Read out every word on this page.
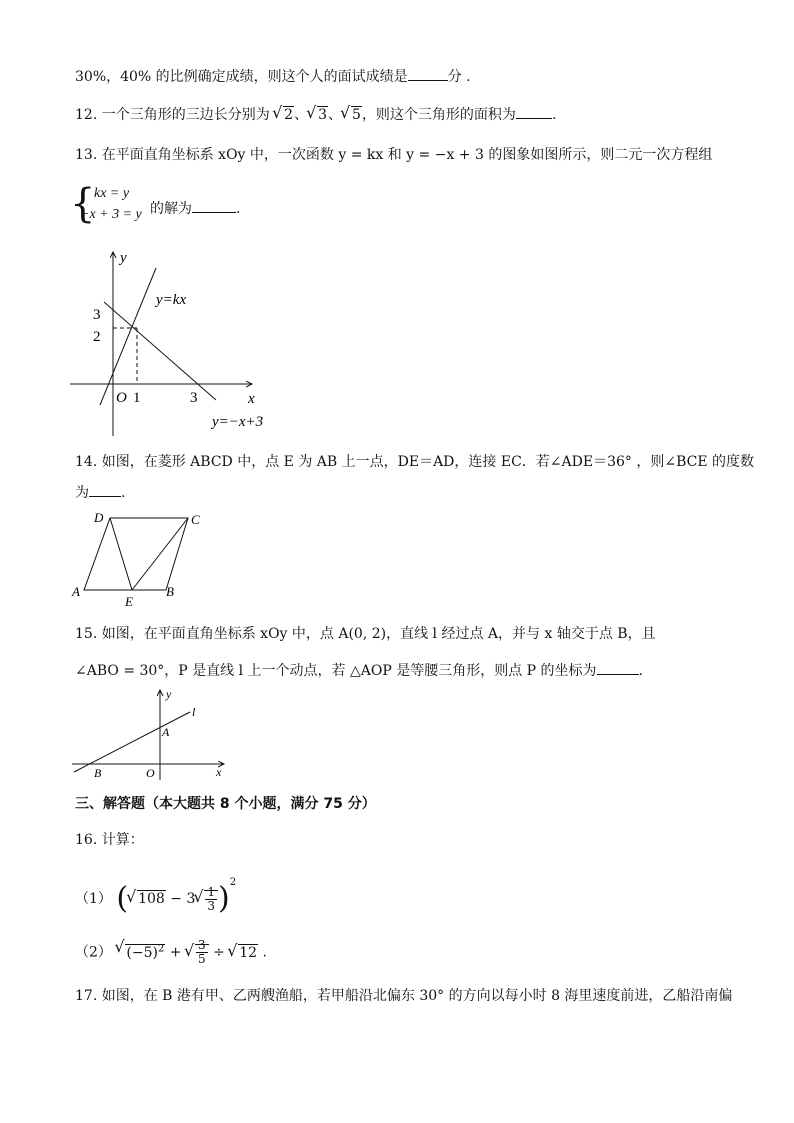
30%，40% 的比例确定成绩，则这个人的面试成绩是	分 .
12. 一个三角形的三边长分别为 √ 2、 √ 3、 √ 5，则这个三角形的面积为	.
13. 在平面直角坐标系 xOy 中，一次函数 y = kx 和 y = −x + 3 的图象如图所示，则二元一次方程组
{
kx = y
−x + 3 = y 的解为	.
y
x
O 1	3
3
2
y=kx
y=−x+3
14. 如图，在菱形 ABCD 中，点 E 为 AB 上一点，DE＝AD，连接 EC．若∠ADE＝36° ，则∠BCE 的度数
为 .
D	C
A	B
E
15. 如图，在平面直角坐标系 xOy 中，点 A(0, 2)，直线 l 经过点 A，并与 x 轴交于点 B，且
∠ABO = 30°，P 是直线 l 上一个动点，若 △AOP 是等腰三角形，则点 P 的坐标为	.
y
x
l
A
B	O
三、解答题（本大题共 8 个小题，满分 75 分）
16. 计算：
（1） ( √ 108 − 3 √ $\frac{1}{3} )^2$
（2） √ $(-5)^2$ + √ $\frac{3}{5}$ ÷ √ 12 .
17. 如图，在 B 港有甲、乙两艘渔船，若甲船沿北偏东 30° 的方向以每小时 8 海里速度前进，乙船沿南偏
